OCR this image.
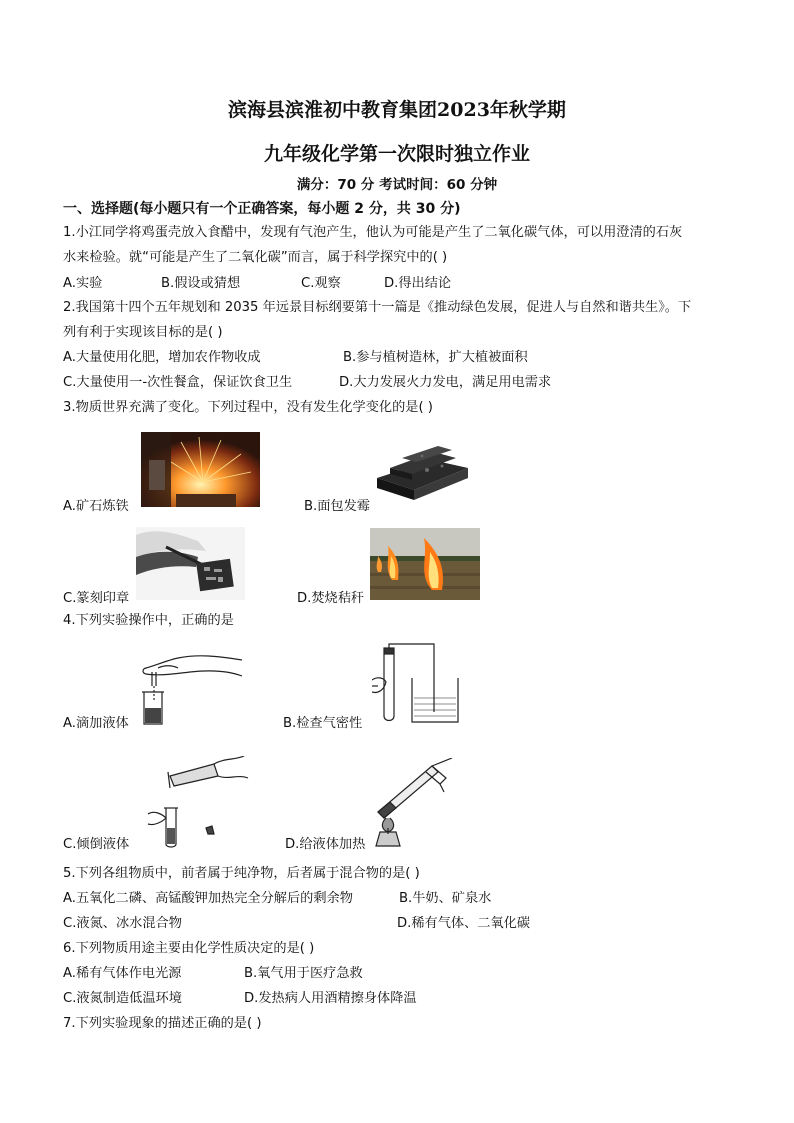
滨海县滨淮初中教育集团2023年秋学期
九年级化学第一次限时独立作业
满分：70 分 考试时间：60 分钟
一、选择题(每小题只有一个正确答案，每小题 2 分，共 30 分)
1.小江同学将鸡蛋壳放入食醋中，发现有气泡产生，他认为可能是产生了二氧化碳气体，可以用澄清的石灰
水来检验。就“可能是产生了二氧化碳”而言，属于科学探究中的( )
A.实验	B.假设或猜想	C.观察	D.得出结论
2.我国第十四个五年规划和 2035 年远景目标纲要第十一篇是《推动绿色发展，促进人与自然和谐共生》。下
列有利于实现该目标的是( )
A.大量使用化肥，增加农作物收成	B.参与植树造林，扩大植被面积
C.大量使用一-次性餐盒，保证饮食卫生	D.大力发展火力发电，满足用电需求
3.物质世界充满了变化。下列过程中，没有发生化学变化的是( )
A.矿石炼铁	B.面包发霉
C.篆刻印章	D.焚烧秸秆
4.下列实验操作中，正确的是
A.滴加液体	B.检查气密性
C.倾倒液体	D.给液体加热
5.下列各组物质中，前者属于纯净物，后者属于混合物的是( )
A.五氧化二磷、高锰酸钾加热完全分解后的剩余物	B.牛奶、矿泉水
C.液氮、冰水混合物	D.稀有气体、二氧化碳
6.下列物质用途主要由化学性质决定的是( )
A.稀有气体作电光源	B.氧气用于医疗急救
C.液氮制造低温环境	D.发热病人用酒精擦身体降温
7.下列实验现象的描述正确的是( )
